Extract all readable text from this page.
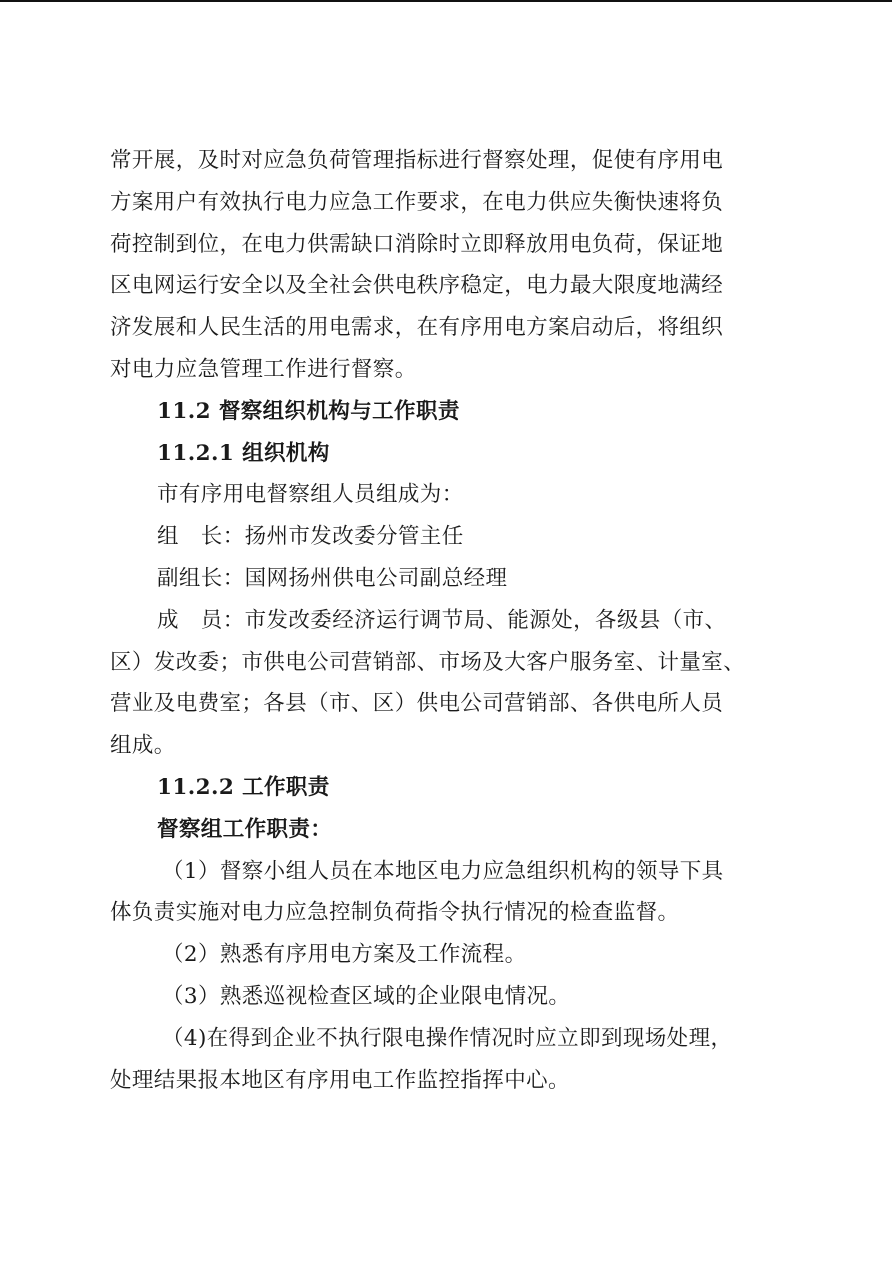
常开展，及时对应急负荷管理指标进行督察处理，促使有序用电
方案用户有效执行电力应急工作要求，在电力供应失衡快速将负
荷控制到位，在电力供需缺口消除时立即释放用电负荷，保证地
区电网运行安全以及全社会供电秩序稳定，电力最大限度地满经
济发展和人民生活的用电需求，在有序用电方案启动后，将组织
对电力应急管理工作进行督察。
11.2 督察组织机构与工作职责
11.2.1 组织机构
市有序用电督察组人员组成为：
组　长：扬州市发改委分管主任
副组长：国网扬州供电公司副总经理
成　员：市发改委经济运行调节局、能源处，各级县（市、
区）发改委；市供电公司营销部、市场及大客户服务室、计量室、
营业及电费室；各县（市、区）供电公司营销部、各供电所人员
组成。
11.2.2 工作职责
督察组工作职责：
（1）督察小组人员在本地区电力应急组织机构的领导下具
体负责实施对电力应急控制负荷指令执行情况的检查监督。
（2）熟悉有序用电方案及工作流程。
（3）熟悉巡视检查区域的企业限电情况。
（4)在得到企业不执行限电操作情况时应立即到现场处理，
处理结果报本地区有序用电工作监控指挥中心。
